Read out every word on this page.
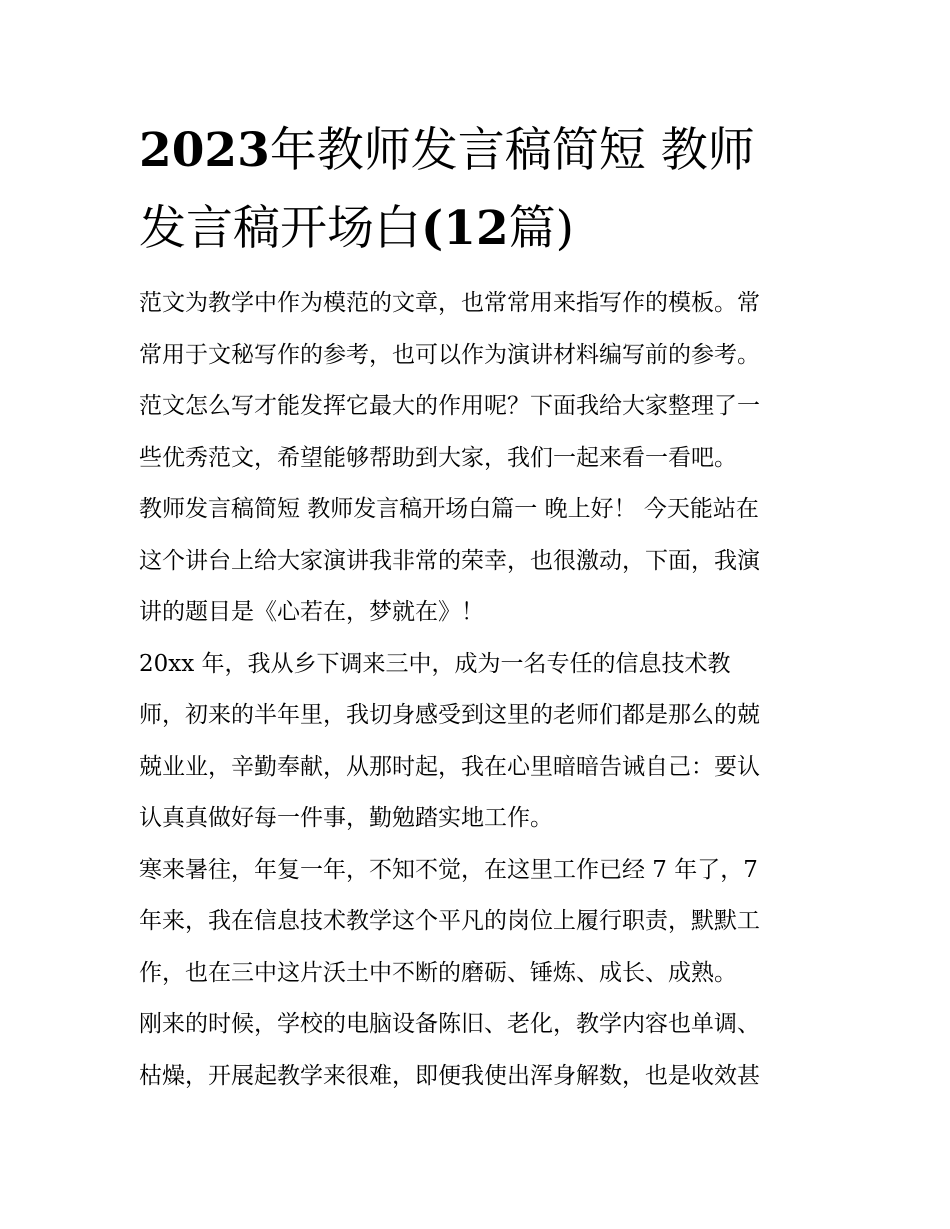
2023年教师发言稿简短 教师
发言稿开场白(12篇)
范文为教学中作为模范的文章，也常常用来指写作的模板。常
常用于文秘写作的参考，也可以作为演讲材料编写前的参考。
范文怎么写才能发挥它最大的作用呢？下面我给大家整理了一
些优秀范文，希望能够帮助到大家，我们一起来看一看吧。
教师发言稿简短 教师发言稿开场白篇一 晚上好！ 今天能站在
这个讲台上给大家演讲我非常的荣幸，也很激动，下面，我演
讲的题目是《心若在，梦就在》！
20xx 年，我从乡下调来三中，成为一名专任的信息技术教
师，初来的半年里，我切身感受到这里的老师们都是那么的兢
兢业业，辛勤奉献，从那时起，我在心里暗暗告诫自己：要认
认真真做好每一件事，勤勉踏实地工作。
寒来暑往，年复一年，不知不觉，在这里工作已经 7 年了，7
年来，我在信息技术教学这个平凡的岗位上履行职责，默默工
作，也在三中这片沃土中不断的磨砺、锤炼、成长、成熟。
刚来的时候，学校的电脑设备陈旧、老化，教学内容也单调、
枯燥，开展起教学来很难，即便我使出浑身解数，也是收效甚
